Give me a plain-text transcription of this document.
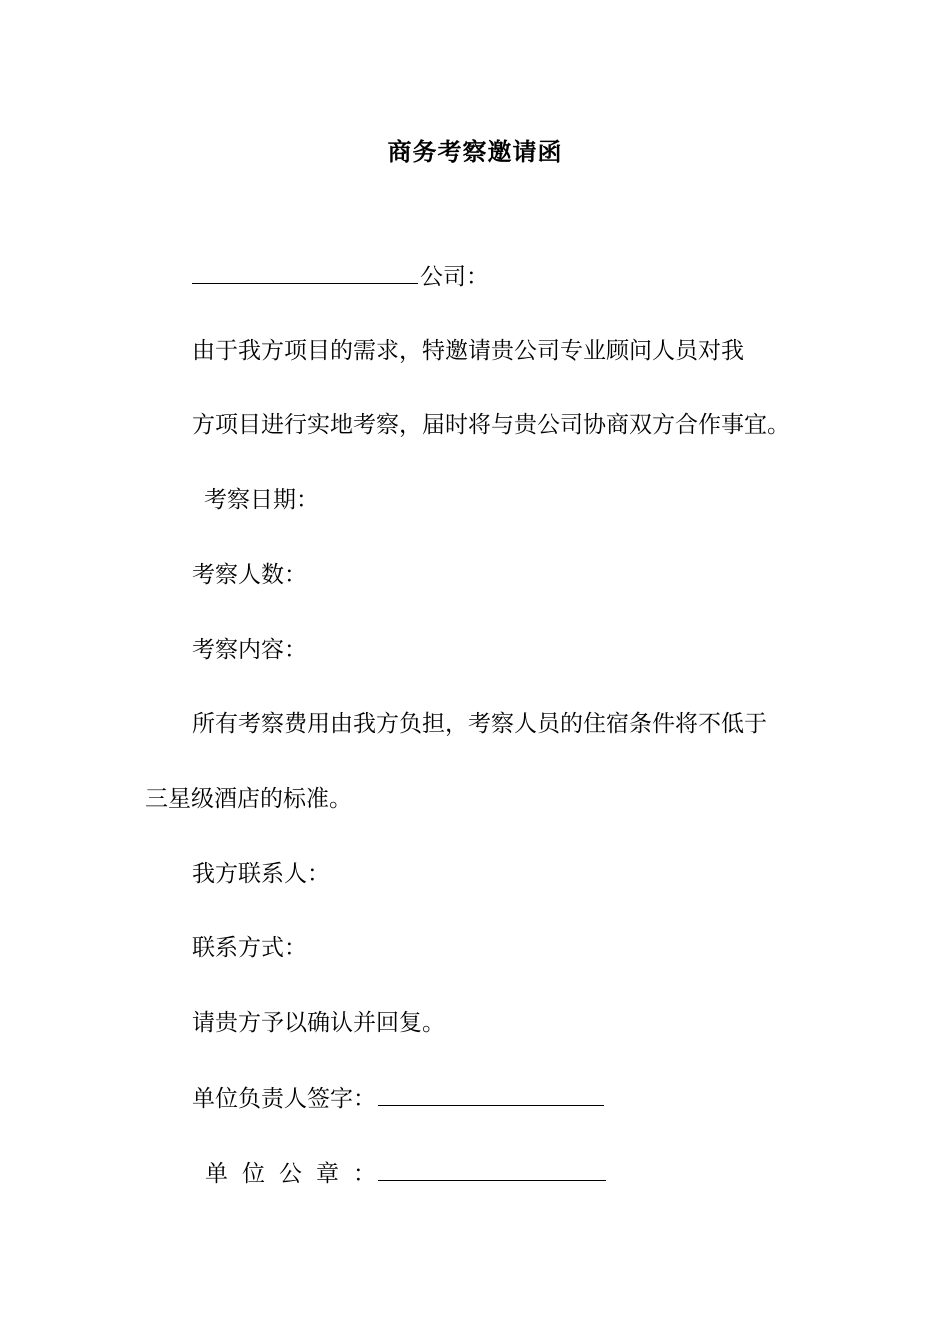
商务考察邀请函
公司：
由于我方项目的需求，特邀请贵公司专业顾问人员对我
方项目进行实地考察，届时将与贵公司协商双方合作事宜。
考察日期：
考察人数：
考察内容：
所有考察费用由我方负担，考察人员的住宿条件将不低于
三星级酒店的标准。
我方联系人：
联系方式：
请贵方予以确认并回复。
单位负责人签字：
单位公章：
